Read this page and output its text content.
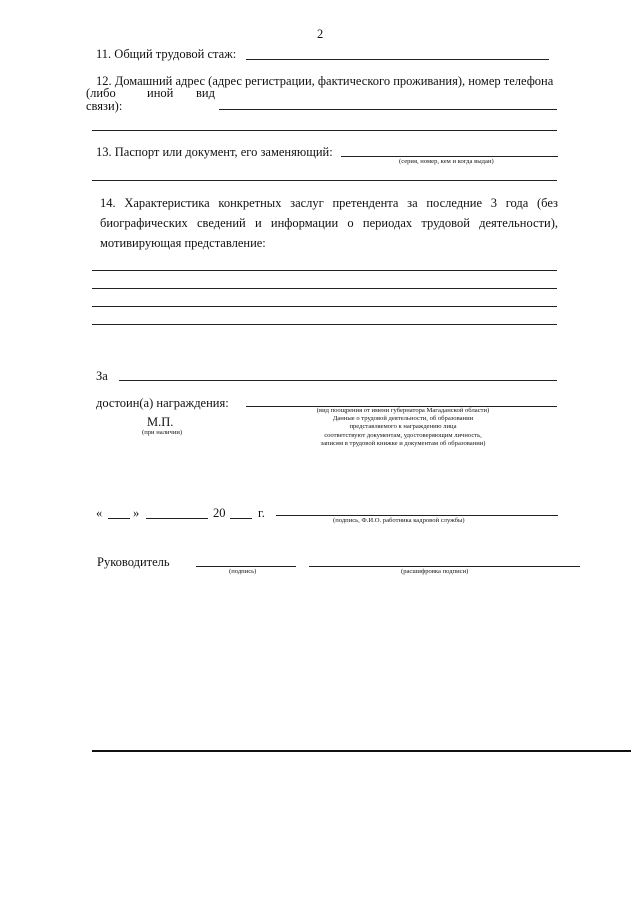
2
11. Общий трудовой стаж:
12. Домашний адрес (адрес регистрации, фактического проживания), номер телефона
(либо	иной вид
связи):
13. Паспорт или документ, его заменяющий:
(серия, номер, кем и когда выдан)
14. Характеристика конкретных заслуг претендента за последние 3 года (без биографических сведений и информации о периодах трудовой деятельности), мотивирующая представление:
За
достоин(а) награждения:
(вид поощрения от имени губернатора Магаданской области)
Данные о трудовой деятельности, об образовании
представляемого к награждению лица
соответствуют документам, удостоверяющим личность,
записям в трудовой книжке и документам об образовании)
М.П.
(при наличии)
« »	20	г.
(подпись, Ф.И.О. работника кадровой службы)
Руководитель
(подпись)	(расшифровка подписи)
